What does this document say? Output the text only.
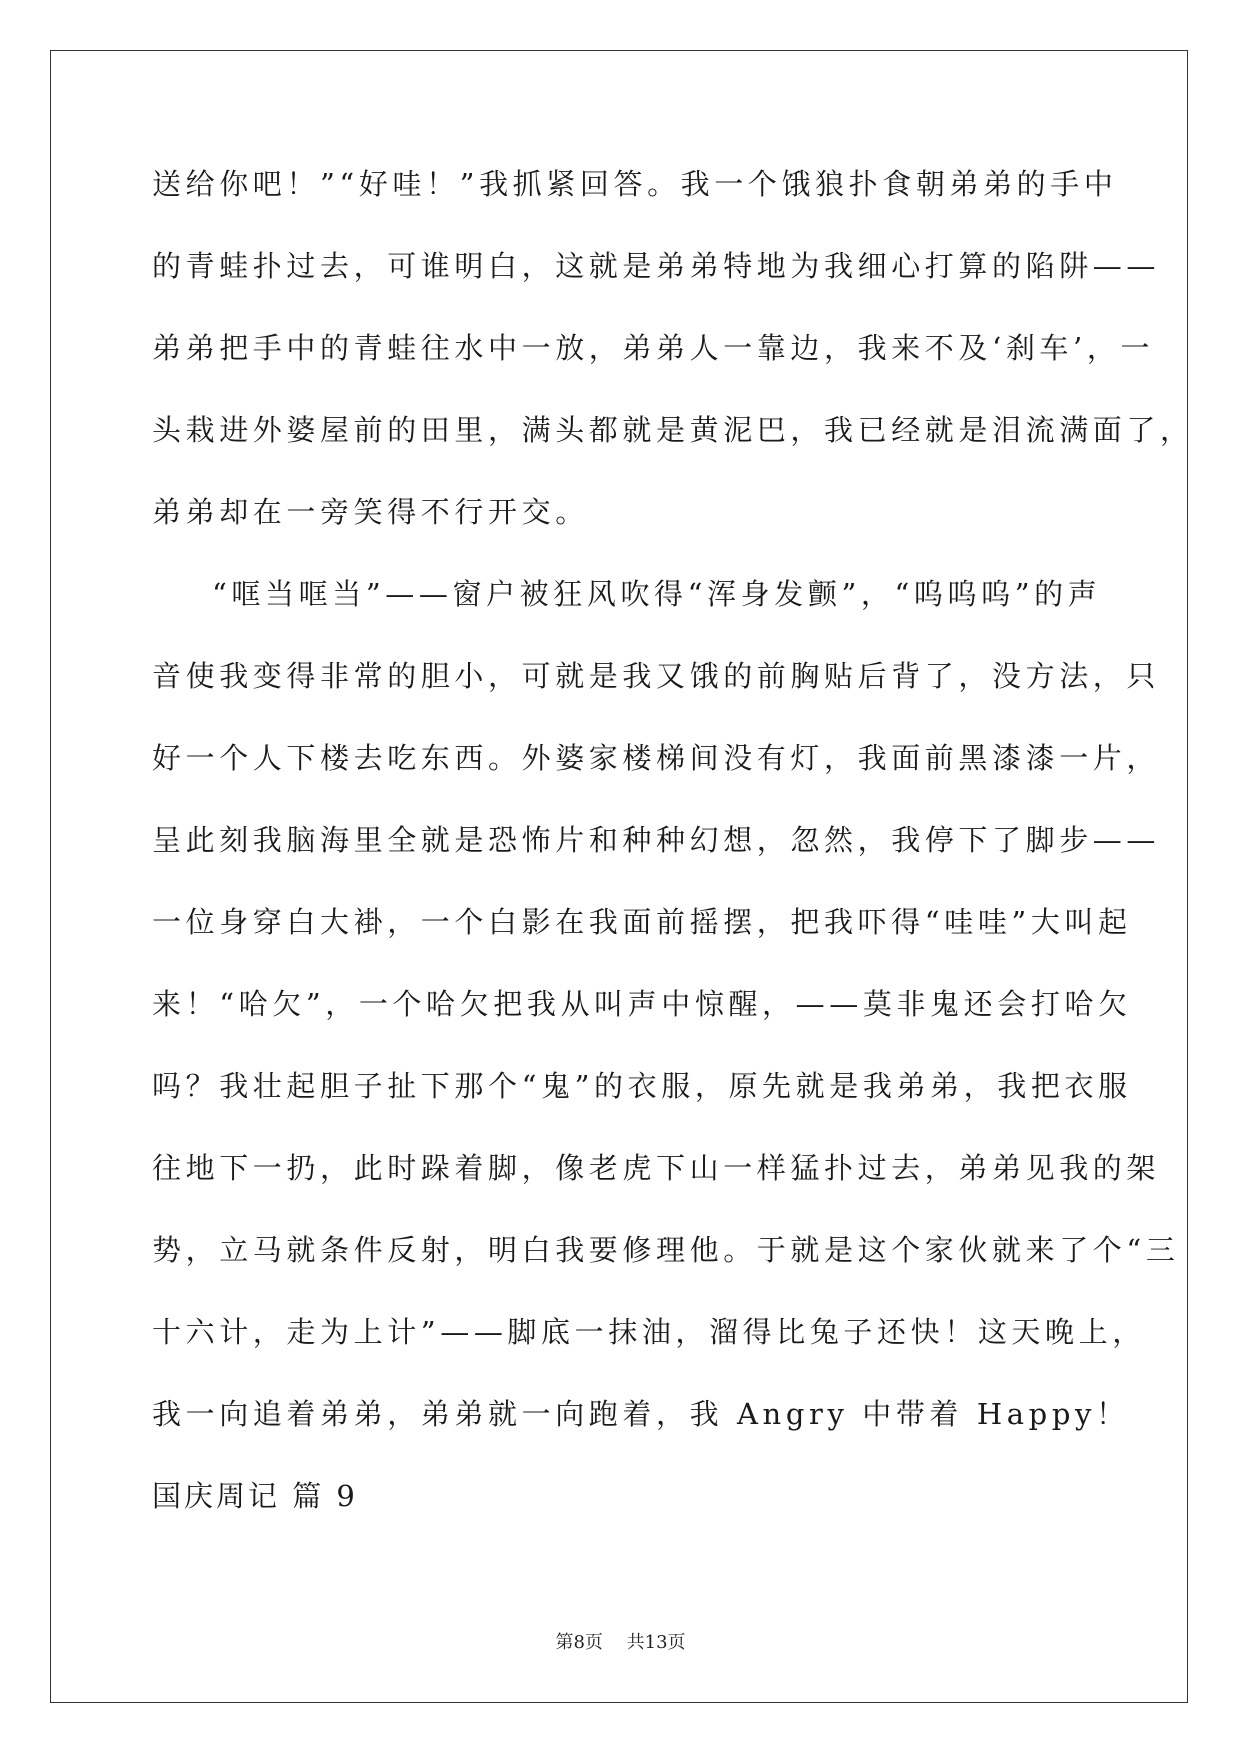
送给你吧！”“好哇！”我抓紧回答。我一个饿狼扑食朝弟弟的手中
的青蛙扑过去，可谁明白，这就是弟弟特地为我细心打算的陷阱——
弟弟把手中的青蛙往水中一放，弟弟人一靠边，我来不及‘刹车’，一
头栽进外婆屋前的田里，满头都就是黄泥巴，我已经就是泪流满面了，
弟弟却在一旁笑得不行开交。
“哐当哐当”——窗户被狂风吹得“浑身发颤”，“呜呜呜”的声
音使我变得非常的胆小，可就是我又饿的前胸贴后背了，没方法，只
好一个人下楼去吃东西。外婆家楼梯间没有灯，我面前黑漆漆一片，
呈此刻我脑海里全就是恐怖片和种种幻想，忽然，我停下了脚步——
一位身穿白大褂，一个白影在我面前摇摆，把我吓得“哇哇”大叫起
来！“哈欠”，一个哈欠把我从叫声中惊醒，——莫非鬼还会打哈欠
吗？我壮起胆子扯下那个“鬼”的衣服，原先就是我弟弟，我把衣服
往地下一扔，此时跺着脚，像老虎下山一样猛扑过去，弟弟见我的架
势，立马就条件反射，明白我要修理他。于就是这个家伙就来了个“三
十六计，走为上计”——脚底一抹油，溜得比兔子还快！这天晚上，
我一向追着弟弟，弟弟就一向跑着，我 Angry 中带着 Happy！
国庆周记 篇 9
第8页 共13页
